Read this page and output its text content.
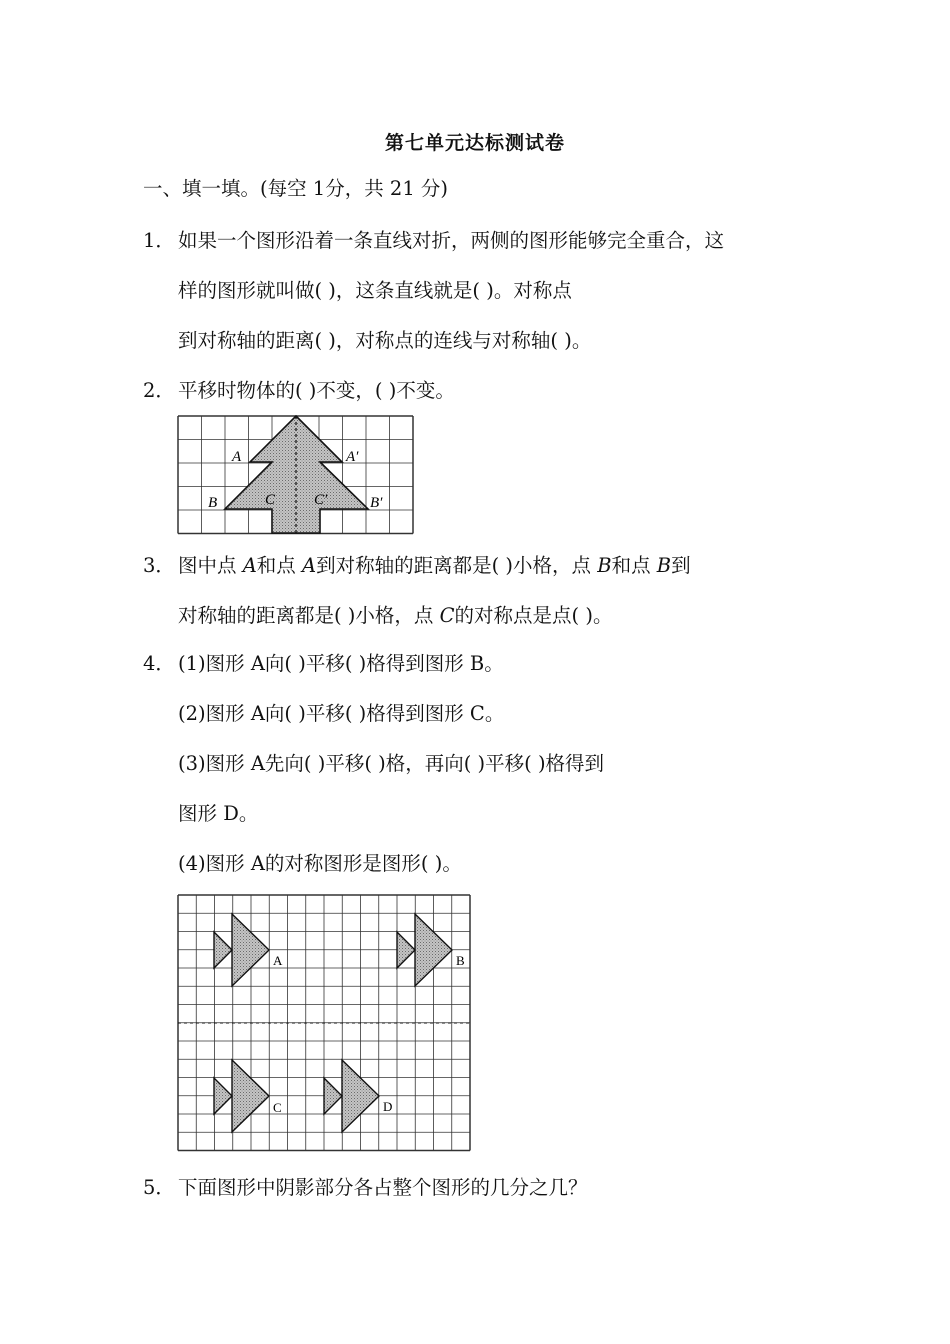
第七单元达标测试卷
一、填一填。(每空 1分，共 21 分)
1． 如果一个图形沿着一条直线对折，两侧的图形能够完全重合，这
样的图形就叫做( )，这条直线就是( )。对称点
到对称轴的距离( )，对称点的连线与对称轴( )。
2． 平移时物体的( )不变，( )不变。
A	A′
B	B′
C	C′
3． 图中点 A和点 A到对称轴的距离都是( )小格，点 B和点 B到
对称轴的距离都是( )小格，点 C的对称点是点( )。
4． (1)图形 A向( )平移( )格得到图形 B。
(2)图形 A向( )平移( )格得到图形 C。
(3)图形 A先向( )平移( )格，再向( )平移( )格得到
图形 D。
(4)图形 A的对称图形是图形( )。
A	B
C	D
5． 下面图形中阴影部分各占整个图形的几分之几？
